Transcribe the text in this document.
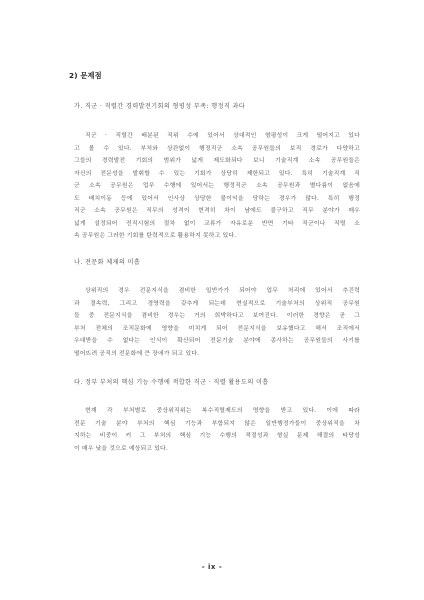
2) 문제점
가. 직군 · 직렬간 경력발전기회의 형평성 부족: 행정직 과다
직군 · 직렬간 배분된 직위 수에 있어서 상대적인 형평성이 크게 떨어지고 있다
고 볼 수 있다. 부처와 상관없이 행정직군 소속 공무원들의 보직 경로가 다양하고
그들의 경력발전 기회의 범위가 넓게 제도화되다 보니 기술직계 소속 공무원들은
자신의 전문성을 발휘할 수 있는 기회가 상당히 제한되고 있다. 특히 기술직계 직
군 소속 공무원은 업무 수행에 있어서는 행정직군 소속 공무원과 별다름이 없음에
도 배치이동 등에 있어서 인사상 상당한 불이익을 당하는 경우가 많다. 특히 행정
직군 소속 공무원은 직무의 성격이 현격히 차이 남에도 불구하고 직무 분야가 매우
넓게 설정되어 전직시험의 절차 없이 교류가 자유로운 반면 기타 직군이나 직렬 소
속 공무원은 그러한 기회를 탄력적으로 활용하지 못하고 있다.
나. 전문화 체제의 미흡
상위직의 경우 전문지식을 겸비한 일반가가 되어야 업무 처리에 있어서 추진력
과 결속력, 그리고 경영력을 갖추게 되는데 현실적으로 기술부처의 상위직 공무원
들 중 전문지식을 겸비한 경우는 거의 희박하다고 보여진다. 이러한 경향은 곧 그
부처 전체의 조직문화에 영향을 미치게 되어 전문지식을 보유했다고 해서 조직에서
우대받을 수 없다는 인식이 확산되어 전문기술 분야에 종사하는 공무원들의 사기를
떨어뜨려 공직의 전문화에 큰 장애가 되고 있다.
다. 정부 부처의 핵심 기능 수행에 적합한 직군 · 직렬 활용도의 미흡
현재 각 부처별로 중상위직위는 복수직렬제도의 영향을 받고 있다. 이에 따라
전문 기술 분야 부처의 핵심 기능과 부합되지 않은 일반행정가들이 중상위직을 차
지하는 비중이 커 그 부처의 핵심 기능 수행의 적절성과 형실 문제 해결의 타당성
이 매우 낮을 것으로 예상되고 있다.
- ix -
